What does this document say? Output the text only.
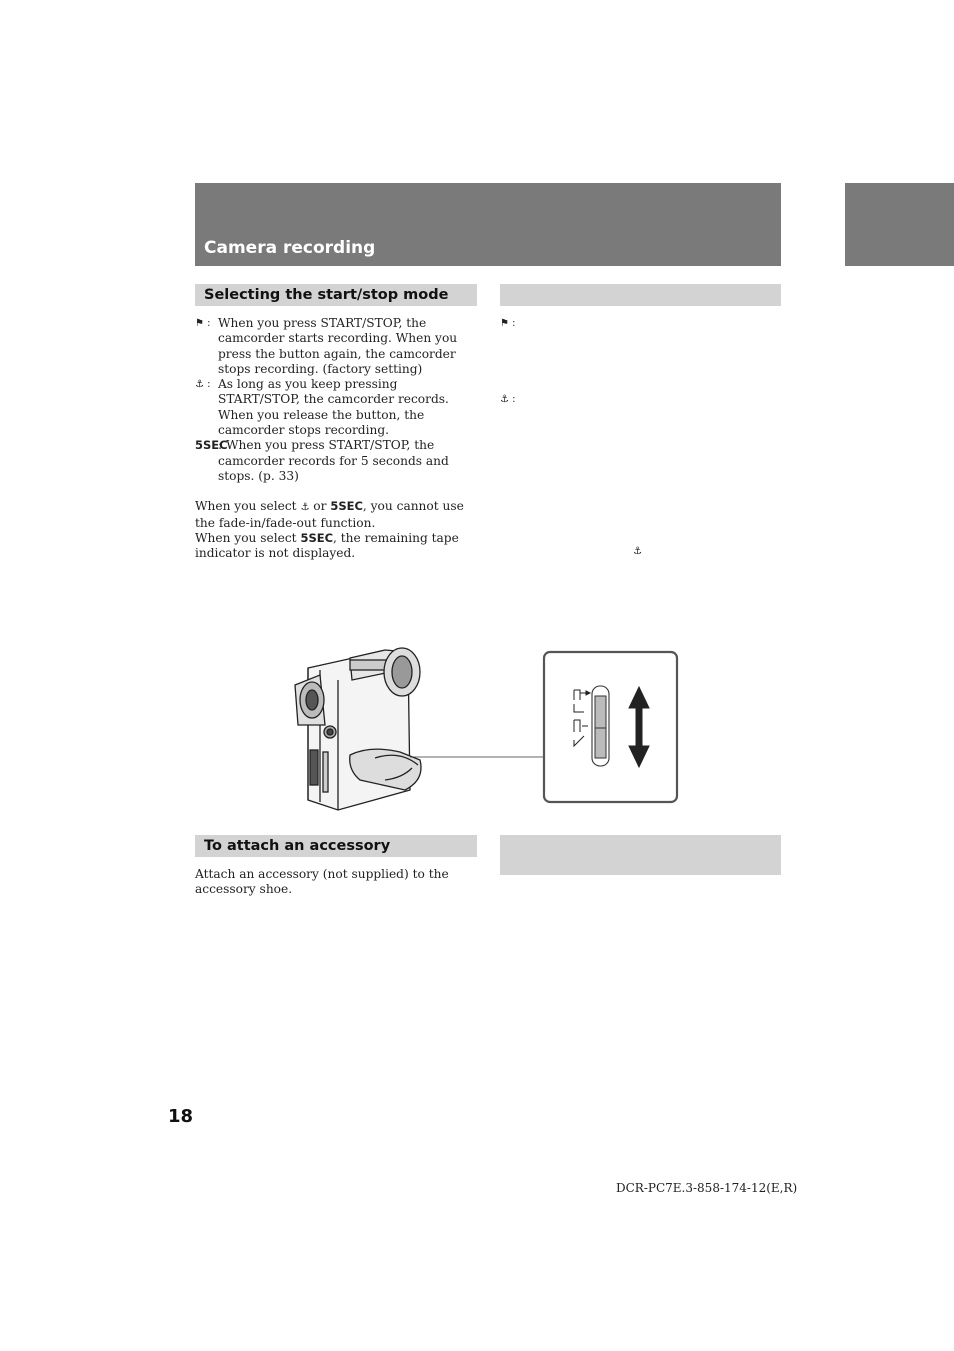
Camera recording
Selecting the start/stop mode
⚑ : When you press START/STOP, the camcorder starts recording. When you press the button again, the camcorder stops recording. (factory setting)
⚓ : As long as you keep pressing START/STOP, the camcorder records. When you release the button, the camcorder stops recording.
5SEC
: When you press START/STOP, the camcorder records for 5 seconds and stops. (p. 33)
When you select ⚓ or 5SEC, you cannot use the fade-in/fade-out function.
When you select 5SEC, the remaining tape indicator is not displayed.
⚑ :
⚓ :
⚓
To attach an accessory
Attach an accessory (not supplied) to the accessory shoe.
18
DCR-PC7E.3-858-174-12(E,R)
